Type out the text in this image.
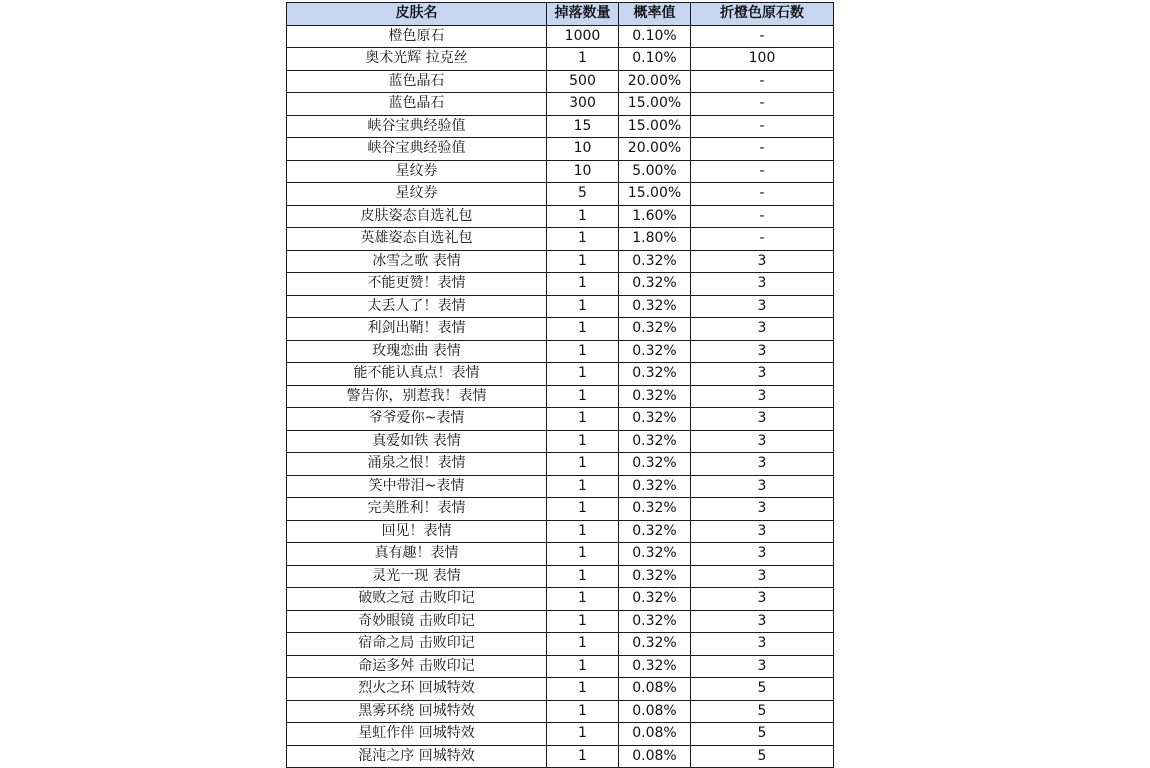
皮肤名	掉落数量	概率值	折橙色原石数
橙色原石	1000	0.10%	-
奥术光辉 拉克丝	1	0.10%	100
蓝色晶石	500	20.00%	-
蓝色晶石	300	15.00%	-
峡谷宝典经验值	15	15.00%	-
峡谷宝典经验值	10	20.00%	-
星纹券	10	5.00%	-
星纹券	5	15.00%	-
皮肤姿态自选礼包	1	1.60%	-
英雄姿态自选礼包	1	1.80%	-
冰雪之歌 表情	1	0.32%	3
不能更赞！表情	1	0.32%	3
太丢人了！表情	1	0.32%	3
利剑出鞘！表情	1	0.32%	3
玫瑰恋曲 表情	1	0.32%	3
能不能认真点！表情	1	0.32%	3
警告你，别惹我！表情	1	0.32%	3
爷爷爱你~表情	1	0.32%	3
真爱如铁 表情	1	0.32%	3
涌泉之恨！表情	1	0.32%	3
笑中带泪~表情	1	0.32%	3
完美胜利！表情	1	0.32%	3
回见！表情	1	0.32%	3
真有趣！表情	1	0.32%	3
灵光一现 表情	1	0.32%	3
破败之冠 击败印记	1	0.32%	3
奇妙眼镜 击败印记	1	0.32%	3
宿命之局 击败印记	1	0.32%	3
命运多舛 击败印记	1	0.32%	3
烈火之环 回城特效	1	0.08%	5
黑雾环绕 回城特效	1	0.08%	5
星虹作伴 回城特效	1	0.08%	5
混沌之序 回城特效	1	0.08%	5
